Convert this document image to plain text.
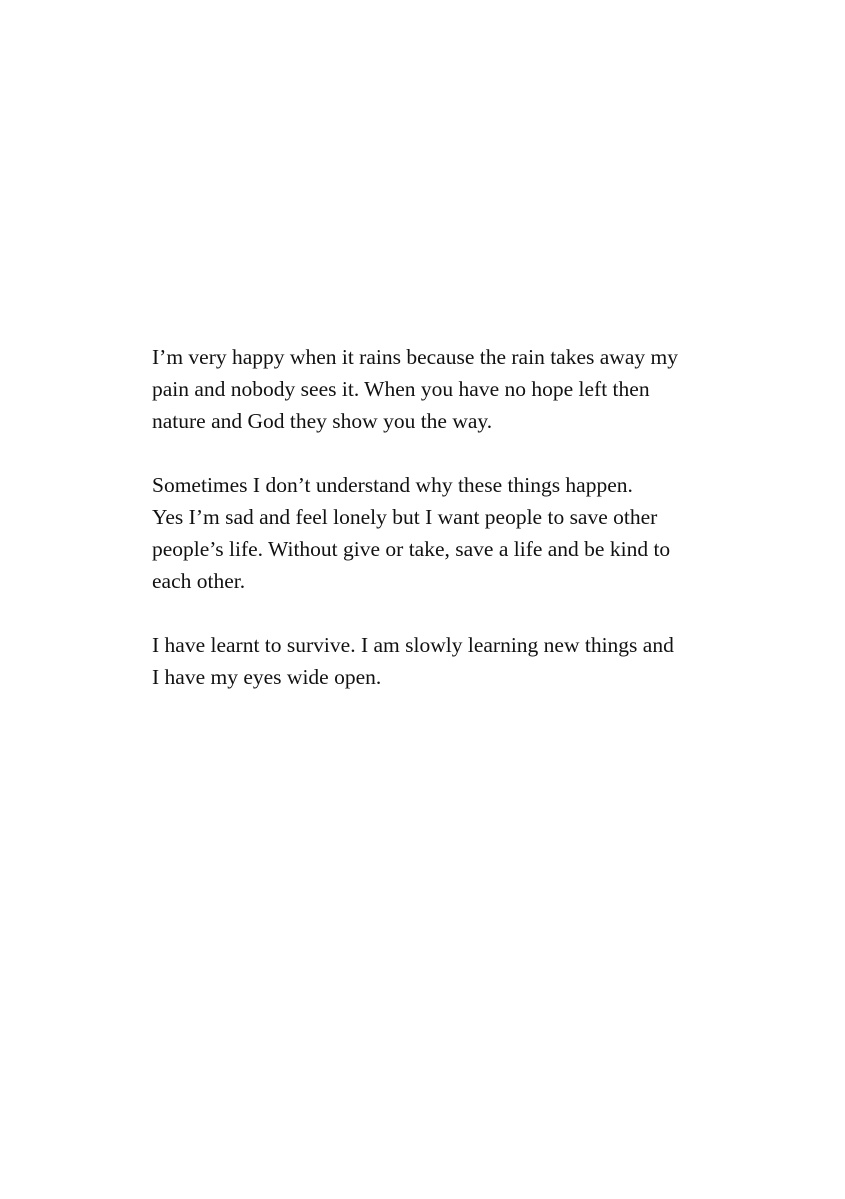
I’m very happy when it rains because the rain takes away my
pain and nobody sees it. When you have no hope left then
nature and God they show you the way.

Sometimes I don’t understand why these things happen.
Yes I’m sad and feel lonely but I want people to save other
people’s life. Without give or take, save a life and be kind to
each other.

I have learnt to survive. I am slowly learning new things and
I have my eyes wide open.
